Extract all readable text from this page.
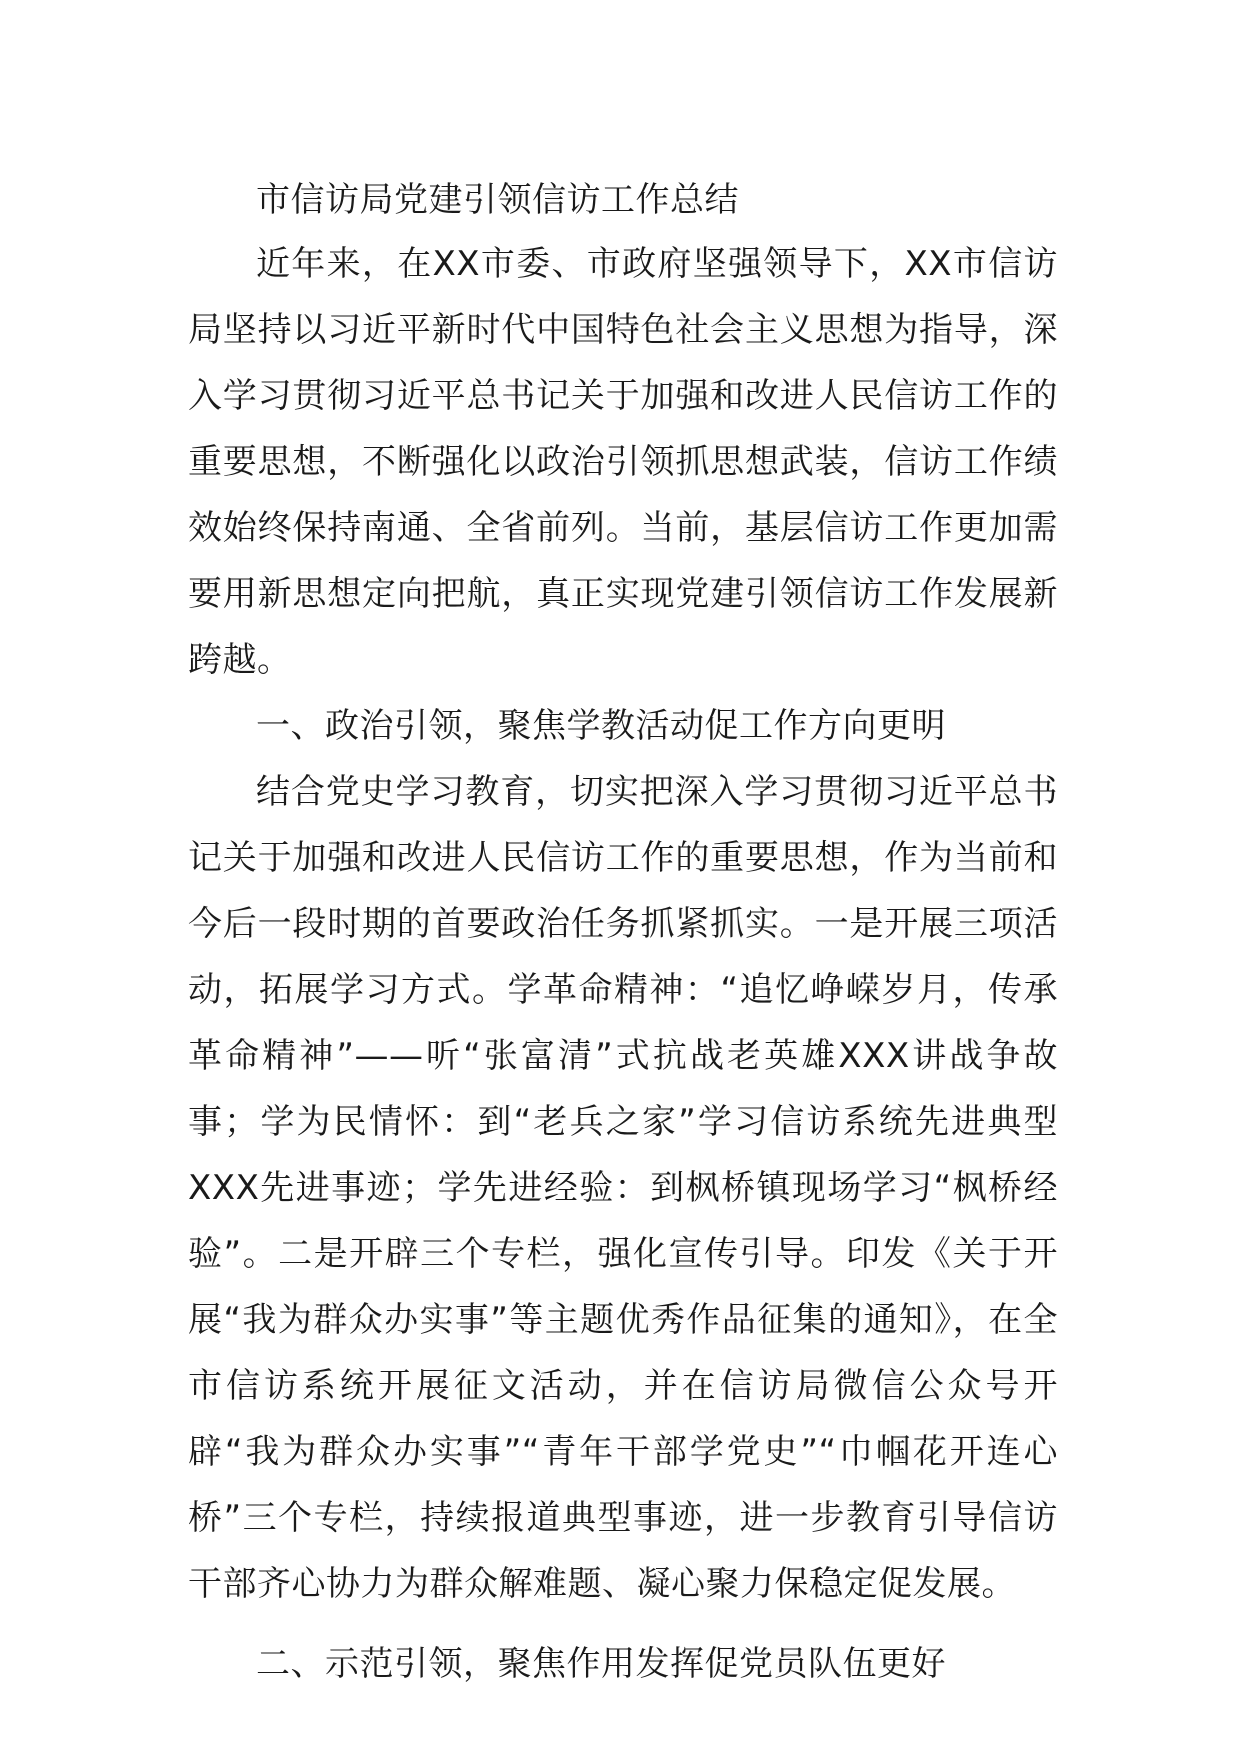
市信访局党建引领信访工作总结

近年来，在XX市委、市政府坚强领导下，XX市信访局坚持以习近平新时代中国特色社会主义思想为指导，深入学习贯彻习近平总书记关于加强和改进人民信访工作的重要思想，不断强化以政治引领抓思想武装，信访工作绩效始终保持南通、全省前列。当前，基层信访工作更加需要用新思想定向把航，真正实现党建引领信访工作发展新跨越。

一、政治引领，聚焦学教活动促工作方向更明

结合党史学习教育，切实把深入学习贯彻习近平总书记关于加强和改进人民信访工作的重要思想，作为当前和今后一段时期的首要政治任务抓紧抓实。一是开展三项活动，拓展学习方式。学革命精神：“追忆峥嵘岁月，传承革命精神”——听“张富清”式抗战老英雄XXX讲战争故事；学为民情怀：到“老兵之家”学习信访系统先进典型XXX先进事迹；学先进经验：到枫桥镇现场学习“枫桥经验”。二是开辟三个专栏，强化宣传引导。印发《关于开展“我为群众办实事”等主题优秀作品征集的通知》，在全市信访系统开展征文活动，并在信访局微信公众号开辟“我为群众办实事”“青年干部学党史”“巾帼花开连心桥”三个专栏，持续报道典型事迹，进一步教育引导信访干部齐心协力为群众解难题、凝心聚力保稳定促发展。

二、示范引领，聚焦作用发挥促党员队伍更好
